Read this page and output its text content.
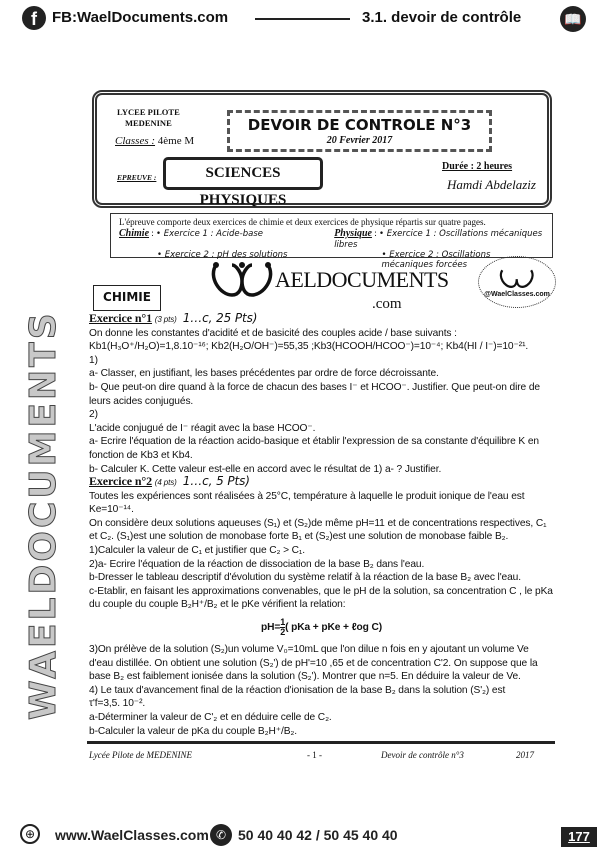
WAELDOCUMENTS
f	FB:WaelDocuments.com	3.1. devoir de contrôle	📖
LYCEE PILOTE
MEDENINE
Classes : 4ème M
DEVOIR DE CONTROLE N°3
20 Fevrier 2017
EPREUVE :	SCIENCES PHYSIQUES
Durée : 2 heures
Hamdi Abdelaziz
L'épreuve comporte deux exercices de chimie et deux exercices de physique répartis sur quatre pages.
Chimie : • Exercice 1 : Acide-base	Physique : • Exercice 1 : Oscillations mécaniques libres
• Exercice 2 : pH des solutions	• Exercice 2 : Oscillations mécaniques forcées
AELDOCUMENTS
.com
CHIMIE	@WaelClasses.com

Exercice n°1 (3 pts) 1…c, 25 Pts)

On donne les constantes d'acidité et de basicité des couples acide / base suivants :

Kb1(H₃O⁺/H₂O)=1,8.10⁻¹⁶; Kb2(H₂O/OH⁻)=55,35 ;Kb3(HCOOH/HCOO⁻)=10⁻⁴; Kb4(HI / I⁻)=10⁻²¹.

1)

a- Classer, en justifiant, les bases précédentes par ordre de force décroissante.

b- Que peut-on dire quand à la force de chacun des bases I⁻ et HCOO⁻. Justifier. Que peut-on dire de

leurs acides conjugués.

2)

L'acide conjugué de I⁻ réagit avec la base HCOO⁻.

a- Ecrire l'équation de la réaction acido-basique et établir l'expression de sa constante d'équilibre K en

fonction de Kb3 et Kb4.

b- Calculer K. Cette valeur est-elle en accord avec le résultat de 1) a- ? Justifier.

Exercice n°2 (4 pts) 1…c, 5 Pts)

Toutes les expériences sont réalisées à 25°C, température à laquelle le produit ionique de l'eau est

Ke=10⁻¹⁴.

On considère deux solutions aqueuses (S₁) et (S₂)de même pH=11 et de concentrations respectives, C₁

et C₂. (S₁)est une solution de monobase forte B₁ et (S₂)est une solution de monobase faible B₂.

1)Calculer la valeur de C₁ et justifier que C₂ > C₁.

2)a- Ecrire l'équation de la réaction de dissociation de la base B₂ dans l'eau.

b-Dresser le tableau descriptif d'évolution du système relatif à la réaction de la base B₂ avec l'eau.

c-Etablir, en faisant les approximations convenables, que le pH de la solution, sa concentration C , le pKa

du couple du couple B₂H⁺/B₂ et le pKe vérifient la relation:

$pH= \frac{1}{2}$ ( pKa + pKe + ℓog C)

3)On prélève de la solution (S₂)un volume V₀=10mL que l'on dilue n fois en y ajoutant un volume Ve

d'eau distillée. On obtient une solution (S₂') de pH'=10 ,65 et de concentration C'2. On suppose que la

base B₂ est faiblement ionisée dans la solution (S₂'). Montrer que n=5. En déduire la valeur de Ve.

4) Le taux d'avancement final de la réaction d'ionisation de la base B₂ dans la solution (S'₂) est

τ'f=3,5. 10⁻².

a-Déterminer la valeur de C'₂ et en déduire celle de C₂.

b-Calculer la valeur de pKa du couple B₂H⁺/B₂.

Lycée Pilote de MEDENINE	- 1 -	Devoir de contrôle n°3	2017
⊕	www.WaelClasses.com ✆ 50 40 40 42 / 50 45 40 40	177
